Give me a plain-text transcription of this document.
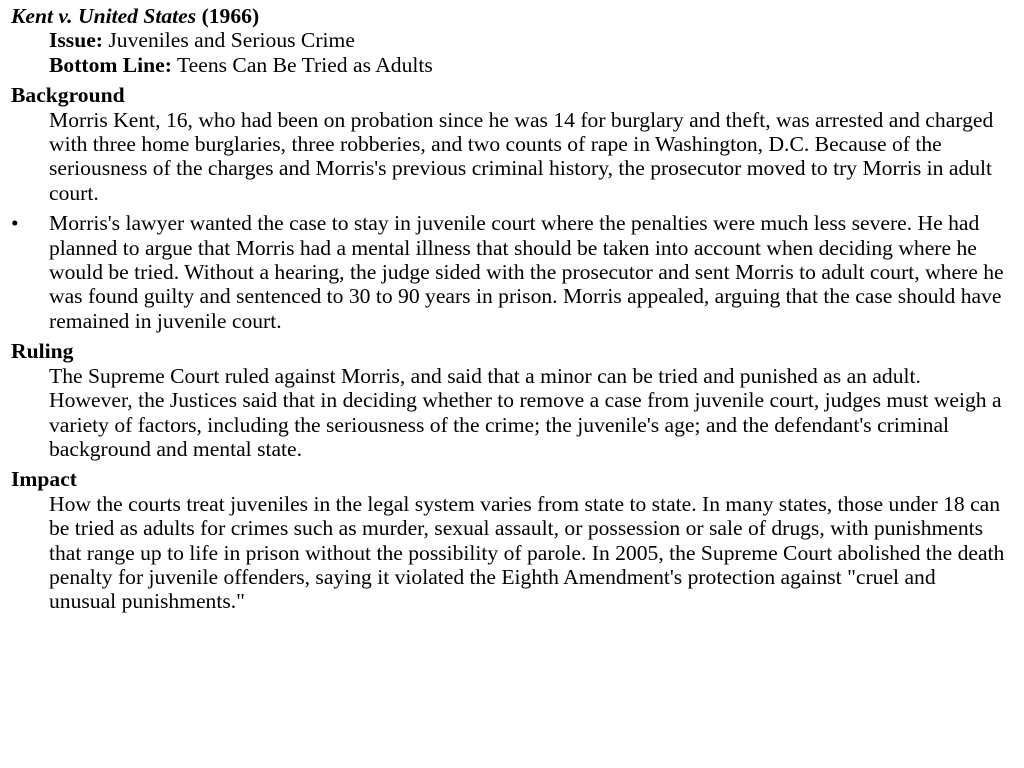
Kent v. United States (1966)

Issue: Juveniles and Serious Crime

Bottom Line: Teens Can Be Tried as Adults

Background

Morris Kent, 16, who had been on probation since he was 14 for burglary and theft, was arrested and charged with three home burglaries, three robberies, and two counts of rape in Washington, D.C. Because of the seriousness of the charges and Morris's previous criminal history, the prosecutor moved to try Morris in adult court.

• Morris's lawyer wanted the case to stay in juvenile court where the penalties were much less severe. He had planned to argue that Morris had a mental illness that should be taken into account when deciding where he would be tried. Without a hearing, the judge sided with the prosecutor and sent Morris to adult court, where he was found guilty and sentenced to 30 to 90 years in prison. Morris appealed, arguing that the case should have remained in juvenile court.

Ruling

The Supreme Court ruled against Morris, and said that a minor can be tried and punished as an adult. However, the Justices said that in deciding whether to remove a case from juvenile court, judges must weigh a variety of factors, including the seriousness of the crime; the juvenile's age; and the defendant's criminal background and mental state.

Impact

How the courts treat juveniles in the legal system varies from state to state. In many states, those under 18 can be tried as adults for crimes such as murder, sexual assault, or possession or sale of drugs, with punishments that range up to life in prison without the possibility of parole. In 2005, the Supreme Court abolished the death penalty for juvenile offenders, saying it violated the Eighth Amendment's protection against "cruel and unusual punishments."
